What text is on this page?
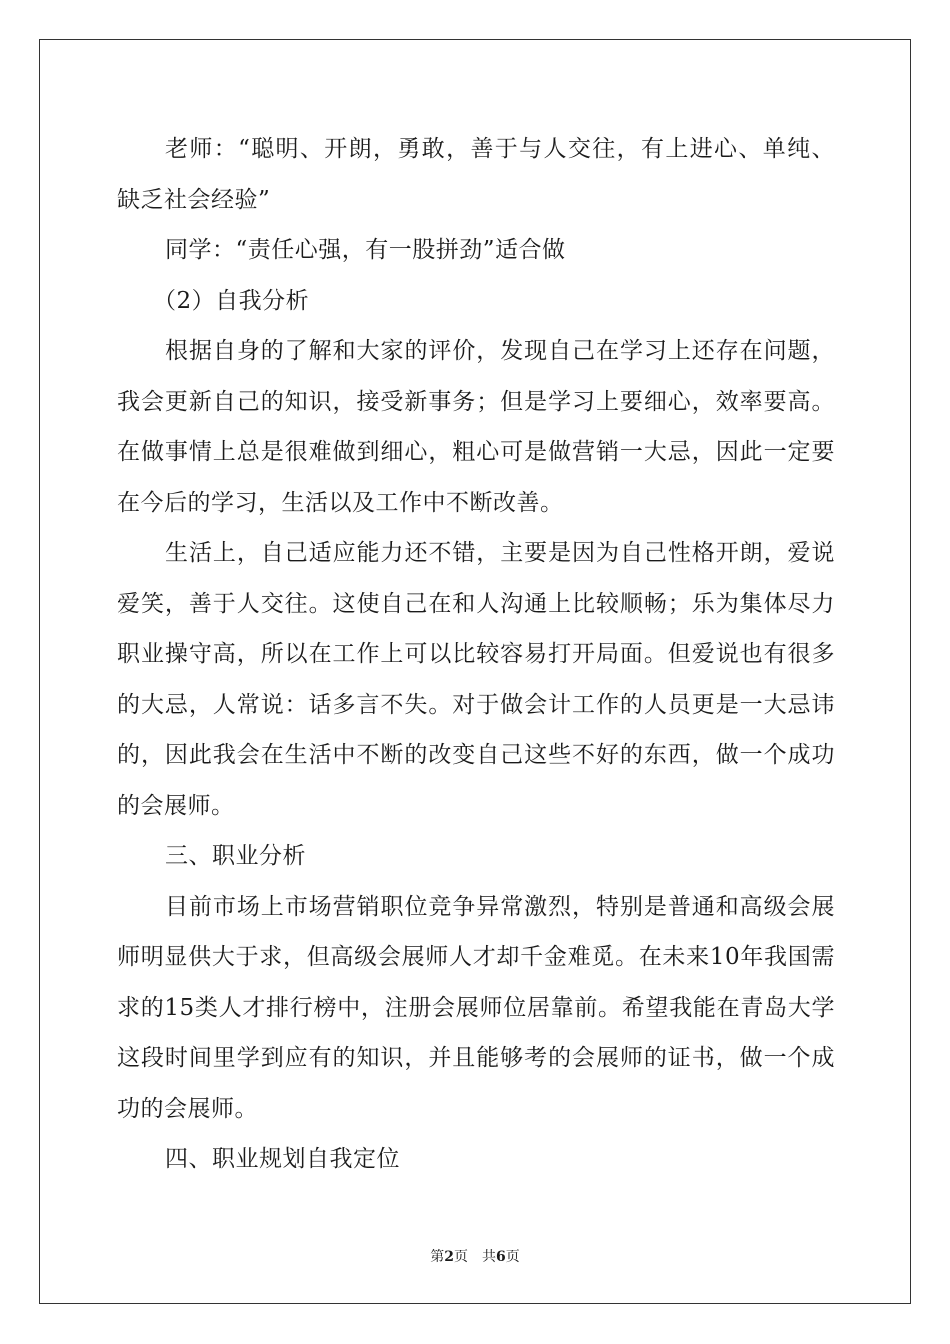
老师：“聪明、开朗，勇敢，善于与人交往，有上进心、单纯、缺乏社会经验”

同学：“责任心强，有一股拼劲”适合做

（2）自我分析

根据自身的了解和大家的评价，发现自己在学习上还存在问题，我会更新自己的知识，接受新事务；但是学习上要细心，效率要高。在做事情上总是很难做到细心，粗心可是做营销一大忌，因此一定要在今后的学习，生活以及工作中不断改善。

生活上，自己适应能力还不错，主要是因为自己性格开朗，爱说爱笑，善于人交往。这使自己在和人沟通上比较顺畅；乐为集体尽力职业操守高，所以在工作上可以比较容易打开局面。但爱说也有很多的大忌，人常说：话多言不失。对于做会计工作的人员更是一大忌讳的，因此我会在生活中不断的改变自己这些不好的东西，做一个成功的会展师。

三、职业分析

目前市场上市场营销职位竞争异常激烈，特别是普通和高级会展师明显供大于求，但高级会展师人才却千金难觅。在未来10年我国需求的15类人才排行榜中，注册会展师位居靠前。希望我能在青岛大学这段时间里学到应有的知识，并且能够考的会展师的证书，做一个成功的会展师。

四、职业规划自我定位

第2页 共6页
